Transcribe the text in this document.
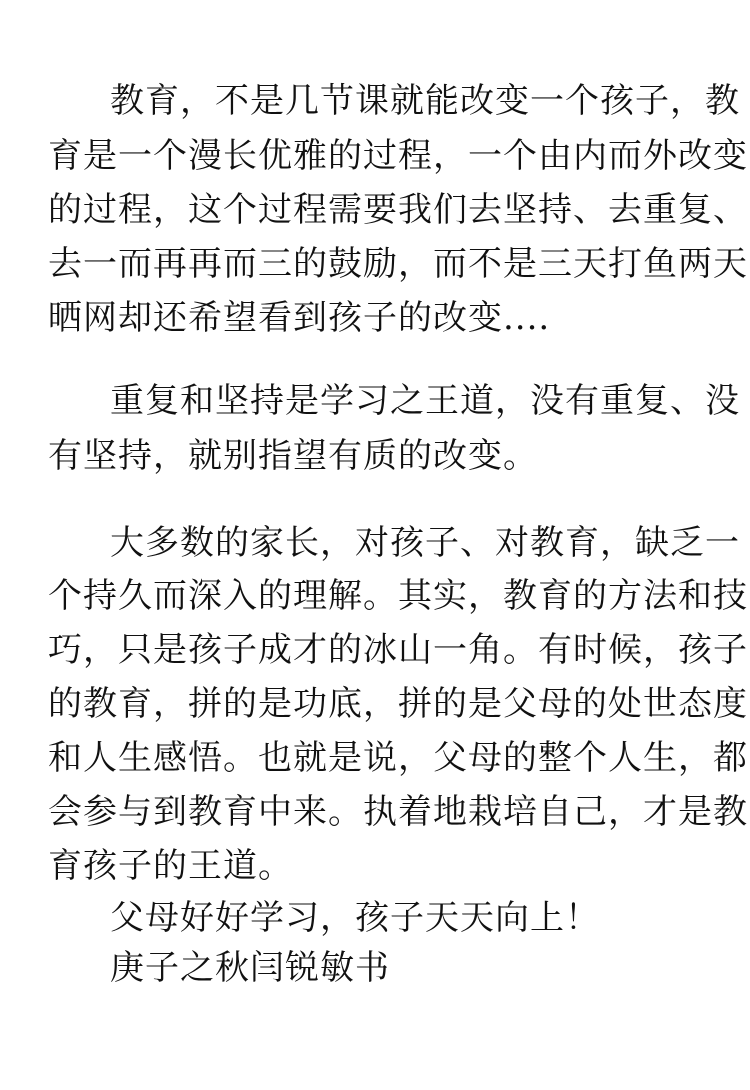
教育，不是几节课就能改变一个孩子，教
育是一个漫长优雅的过程，一个由内而外改变
的过程，这个过程需要我们去坚持、去重复、
去一而再再而三的鼓励，而不是三天打鱼两天
晒网却还希望看到孩子的改变....
重复和坚持是学习之王道，没有重复、没
有坚持，就别指望有质的改变。
大多数的家长，对孩子、对教育，缺乏一
个持久而深入的理解。其实，教育的方法和技
巧，只是孩子成才的冰山一角。有时候，孩子
的教育，拼的是功底，拼的是父母的处世态度
和人生感悟。也就是说，父母的整个人生，都
会参与到教育中来。执着地栽培自己，才是教
育孩子的王道。
父母好好学习，孩子天天向上！
庚子之秋闫锐敏书
